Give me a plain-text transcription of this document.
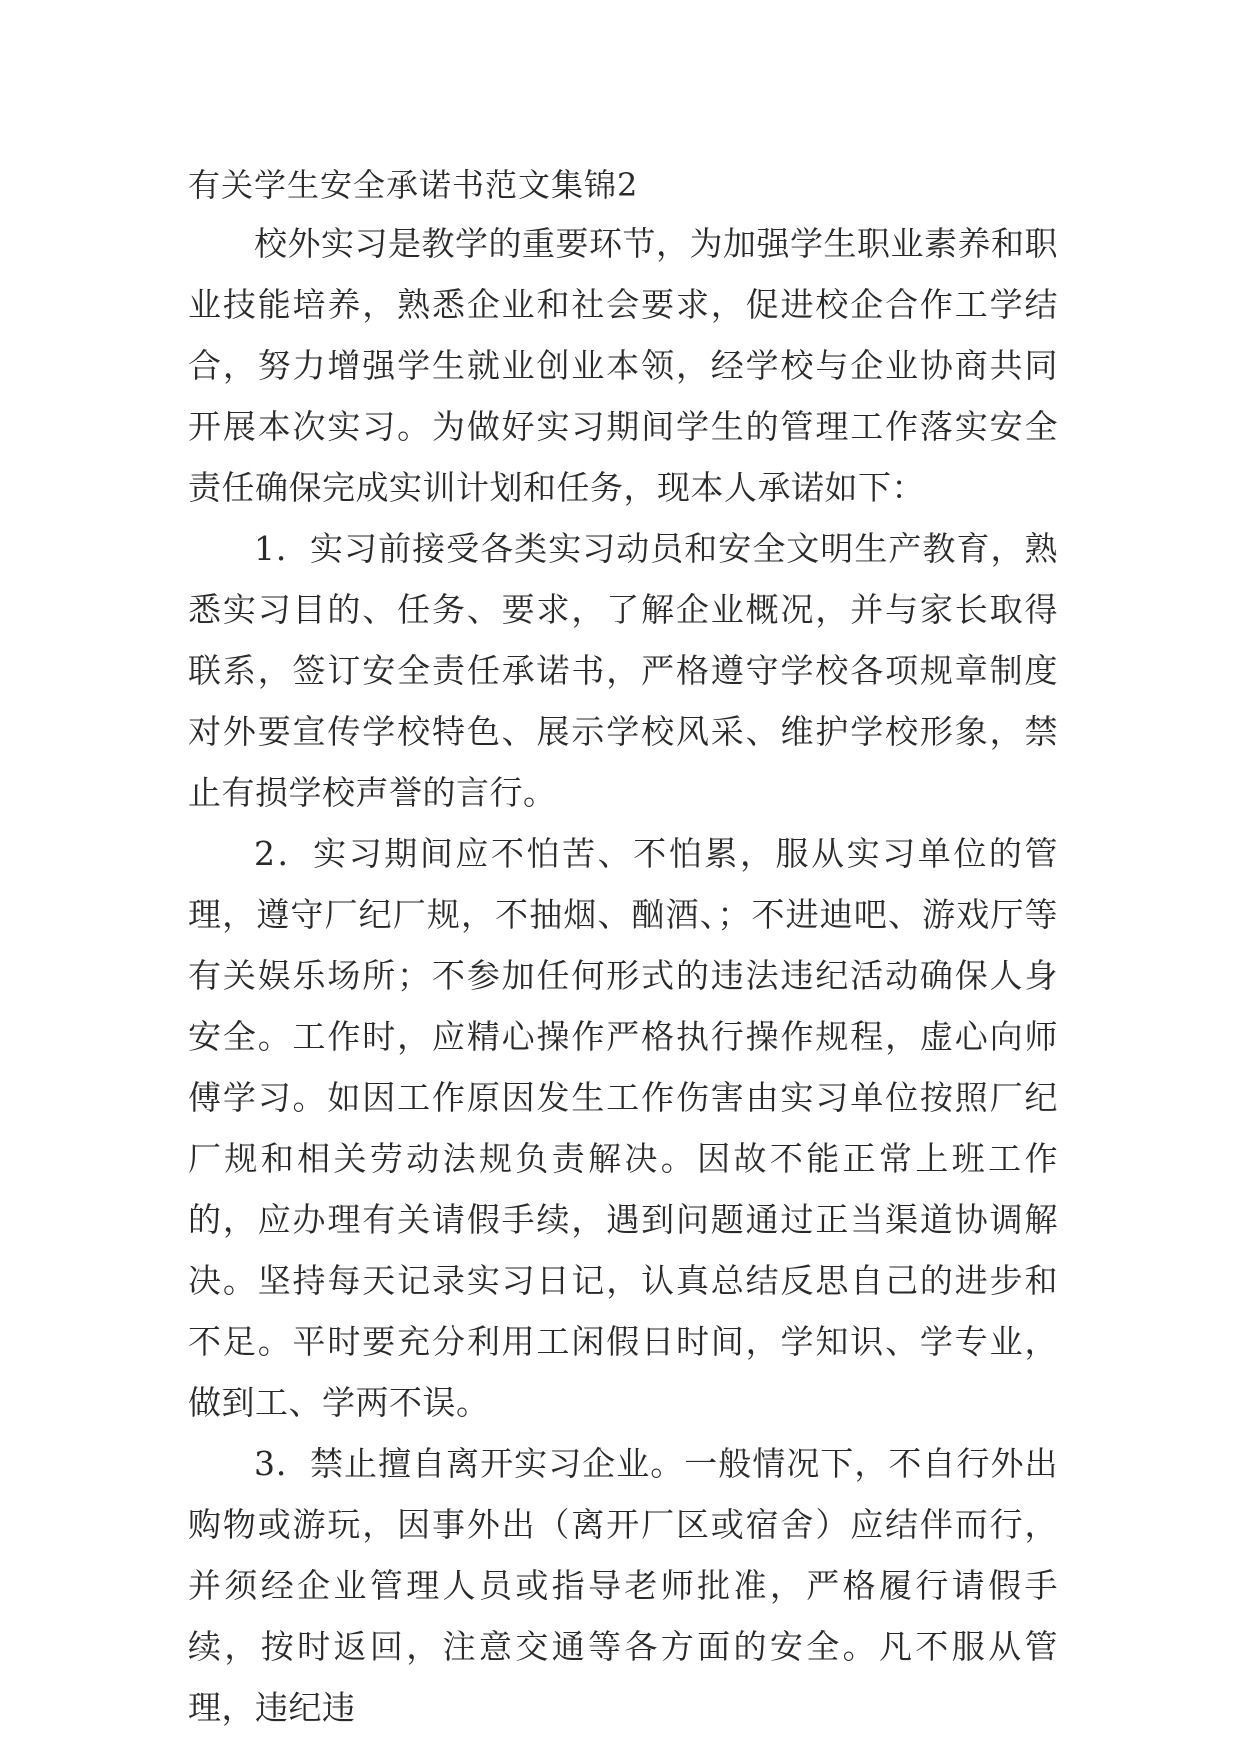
有关学生安全承诺书范文集锦2

校外实习是教学的重要环节，为加强学生职业素养和职业技能培养，熟悉企业和社会要求，促进校企合作工学结合，努力增强学生就业创业本领，经学校与企业协商共同开展本次实习。为做好实习期间学生的管理工作落实安全责任确保完成实训计划和任务，现本人承诺如下：

1．实习前接受各类实习动员和安全文明生产教育，熟悉实习目的、任务、要求，了解企业概况，并与家长取得联系，签订安全责任承诺书，严格遵守学校各项规章制度对外要宣传学校特色、展示学校风采、维护学校形象，禁止有损学校声誉的言行。

2．实习期间应不怕苦、不怕累，服从实习单位的管理，遵守厂纪厂规，不抽烟、酗酒、；不进迪吧、游戏厅等有关娱乐场所；不参加任何形式的违法违纪活动确保人身安全。工作时，应精心操作严格执行操作规程，虚心向师傅学习。如因工作原因发生工作伤害由实习单位按照厂纪厂规和相关劳动法规负责解决。因故不能正常上班工作的，应办理有关请假手续，遇到问题通过正当渠道协调解决。坚持每天记录实习日记，认真总结反思自己的进步和不足。平时要充分利用工闲假日时间，学知识、学专业，做到工、学两不误。

3．禁止擅自离开实习企业。一般情况下，不自行外出购物或游玩，因事外出（离开厂区或宿舍）应结伴而行，并须经企业管理人员或指导老师批准，严格履行请假手续，按时返回，注意交通等各方面的安全。凡不服从管理，违纪违
